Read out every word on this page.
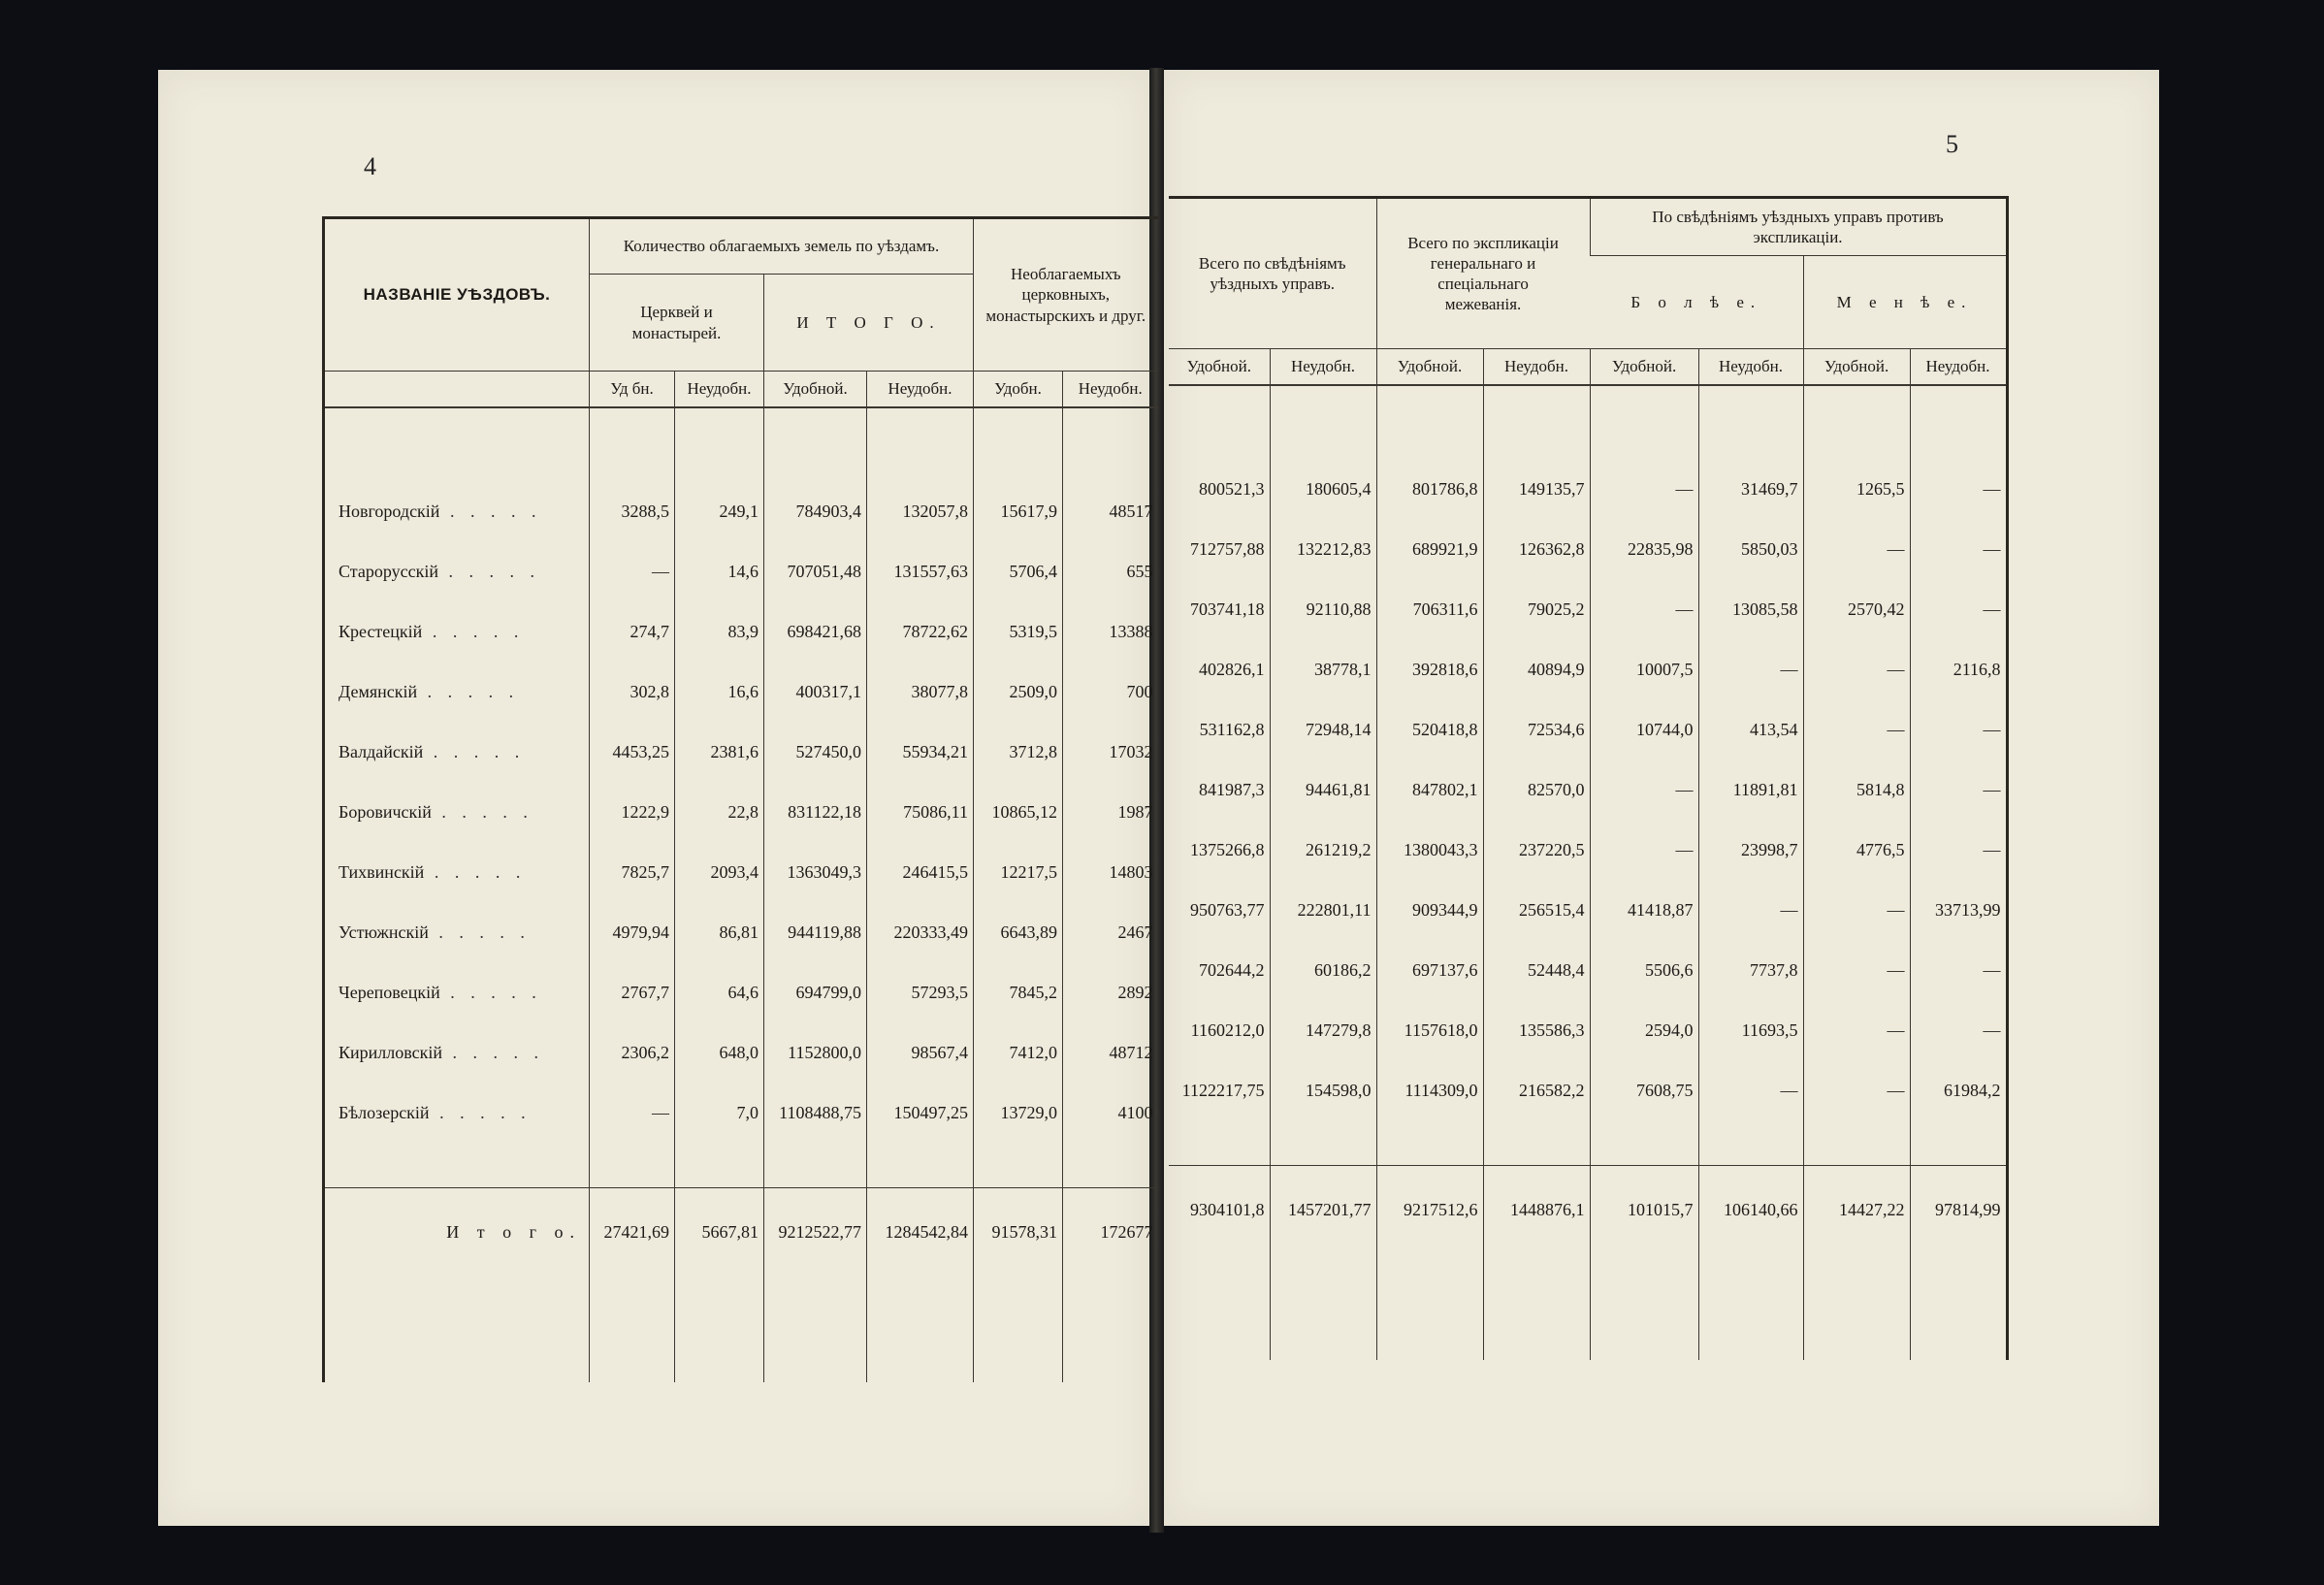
4
5
НАЗВАНIЕ УѢЗДОВЪ.	Количество облагаемыхъ земель по уѣздамъ.				Необлагаемыхъ церковныхъ, монастырскихъ и друг.	
	Церквей и монастырей.		И Т О Г О.			
	Уд бн.	Неудобн.	Удобной.	Неудобн.	Удобн.	Неудобн.

Новгородскiй . . . . .	3288,5	249,1	784903,4	132057,8	15617,9	48517
Старорусскiй . . . . .	—	14,6	707051,48	131557,63	5706,4	655
Крестецкiй . . . . .	274,7	83,9	698421,68	78722,62	5319,5	13388
Демянскiй . . . . .	302,8	16,6	400317,1	38077,8	2509,0	700
Валдайскiй . . . . .	4453,25	2381,6	527450,0	55934,21	3712,8	17032
Боровичскiй . . . . .	1222,9	22,8	831122,18	75086,11	10865,12	1987
Тихвинскiй . . . . .	7825,7	2093,4	1363049,3	246415,5	12217,5	14803
Устюжнскiй . . . . .	4979,94	86,81	944119,88	220333,49	6643,89	2467
Череповецкiй . . . . .	2767,7	64,6	694799,0	57293,5	7845,2	2892
Кирилловскiй . . . . .	2306,2	648,0	1152800,0	98567,4	7412,0	48712
Бѣлозерскiй . . . . .	—	7,0	1108488,75	150497,25	13729,0	4100

И т о г о.	27421,69	5667,81	9212522,77	1284542,84	91578,31	172677

Всего по свѣдѣнiямъ уѣздныхъ управъ.		Всего по экспликацiи генеральнаго и спецiальнаго межеванiя.		По свѣдѣнiямъ уѣздныхъ управъ противъ экспликацiи.			
				Б о л ѣ е.		М е н ѣ е.	
Удобной.	Неудобн.	Удобной.	Неудобн.	Удобной.	Неудобн.	Удобной.	Неудобн.

800521,3	180605,4	801786,8	149135,7	—	31469,7	1265,5	—
712757,88	132212,83	689921,9	126362,8	22835,98	5850,03	—	—
703741,18	92110,88	706311,6	79025,2	—	13085,58	2570,42	—
402826,1	38778,1	392818,6	40894,9	10007,5	—	—	2116,8
531162,8	72948,14	520418,8	72534,6	10744,0	413,54	—	—
841987,3	94461,81	847802,1	82570,0	—	11891,81	5814,8	—
1375266,8	261219,2	1380043,3	237220,5	—	23998,7	4776,5	—
950763,77	222801,11	909344,9	256515,4	41418,87	—	—	33713,99
702644,2	60186,2	697137,6	52448,4	5506,6	7737,8	—	—
1160212,0	147279,8	1157618,0	135586,3	2594,0	11693,5	—	—
1122217,75	154598,0	1114309,0	216582,2	7608,75	—	—	61984,2

9304101,8	1457201,77	9217512,6	1448876,1	101015,7	106140,66	14427,22	97814,99
